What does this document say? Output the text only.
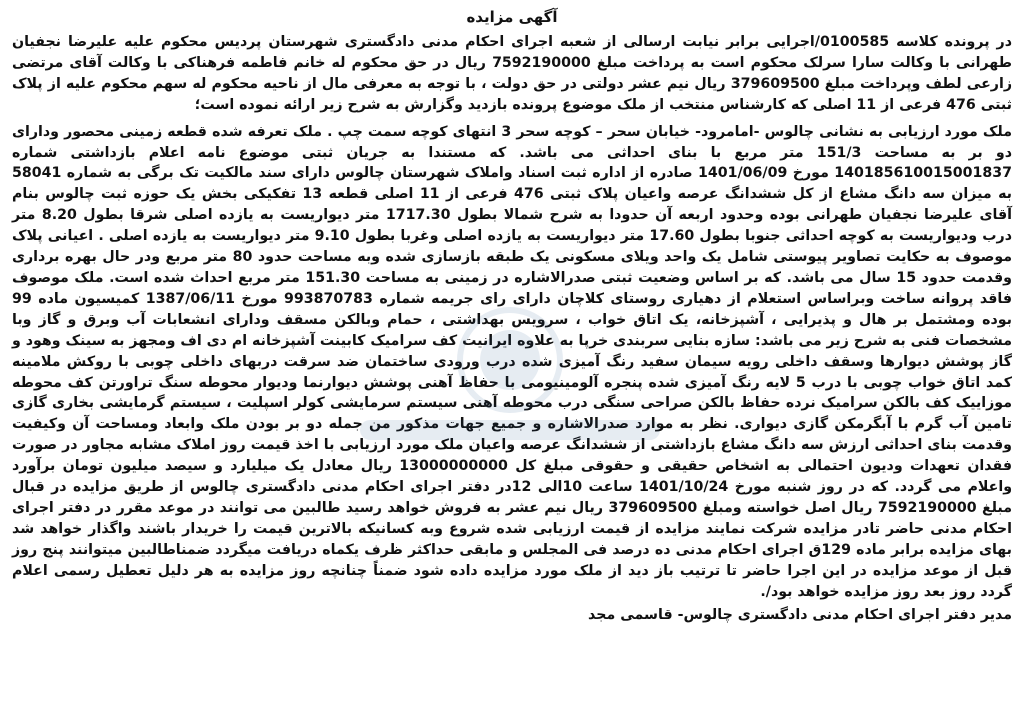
آگهی مزایده

در پرونده کلاسه 0100585/اجرایی برابر نیابت ارسالی از شعبه اجرای احکام مدنی دادگستری شهرستان پردیس محکوم علیه علیرضا نجفیان طهرانی با وکالت سارا سرلک محکوم است به پرداخت مبلغ 7592190000 ریال در حق محکوم له خانم فاطمه فرهناکی با وکالت آقای مرتضی زارعی لطف وپرداخت مبلغ 379609500 ریال نیم عشر دولتی در حق دولت ، با توجه به معرفی مال از ناحیه محکوم له سهم محکوم علیه از پلاک ثبتی 476 فرعی از 11 اصلی که کارشناس منتخب از ملک موضوع پرونده بازدید وگزارش به شرح زیر ارائه نموده است؛

ملک مورد ارزیابی به نشانی چالوس -امامرود- خیابان سحر – کوچه سحر 3 انتهای کوچه سمت چپ . ملک تعرفه شده قطعه زمینی محصور ودارای دو بر به مساحت 151/3 متر مربع با بنای احداثی می باشد. که مستندا به جریان ثبتی موضوع نامه اعلام بازداشتی شماره 140185610015001837 مورخ 1401/06/09 صادره از اداره ثبت اسناد واملاک شهرستان چالوس دارای سند مالکیت تک برگی به شماره 58041 به میزان سه دانگ مشاع از کل ششدانگ عرصه واعیان پلاک ثبتی 476 فرعی از 11 اصلی قطعه 13 تفکیکی بخش یک حوزه ثبت چالوس بنام آقای علیرضا نجفیان طهرانی بوده وحدود اربعه آن حدودا به شرح شمالا بطول 1717.30 متر دیواریست به یازده اصلی شرقا بطول 8.20 متر درب ودیواریست به کوچه احداثی جنوبا بطول 17.60 متر دیواریست به یازده اصلی وغربا بطول 9.10 متر دیواریست به یازده اصلی . اعیانی پلاک موصوف به حکایت تصاویر پیوستی شامل یک واحد ویلای مسکونی یک طبقه بازسازی شده وبه مساحت حدود 80 متر مربع ودر حال بهره برداری وقدمت حدود 15 سال می باشد. که بر اساس وضعیت ثبتی صدرالاشاره در زمینی به مساحت 151.30 متر مربع احداث شده است. ملک موصوف فاقد پروانه ساخت وبراساس استعلام از دهیاری روستای کلاچان دارای رای جریمه شماره 993870783 مورخ 1387/06/11 کمیسیون ماده 99 بوده ومشتمل بر هال و پذیرایی ، آشپزخانه، یک اتاق خواب ، سرویس بهداشتی ، حمام وبالکن مسقف ودارای انشعابات آب وبرق و گاز وبا مشخصات فنی به شرح زیر می باشد: سازه بنایی سربندی خرپا به علاوه ایرانیت کف سرامیک کابینت آشپزخانه ام دی اف ومجهز به سینک وهود و گاز پوشش دیوارها وسقف داخلی رویه سیمان سفید رنگ آمیزی شده درب ورودی ساختمان ضد سرقت دربهای داخلی چوبی با روکش ملامینه کمد اتاق خواب چوبی با درب 5 لایه رنگ آمیزی شده پنجره آلومینیومی با حفاظ آهنی پوشش دیوارنما ودیوار محوطه سنگ تراورتن کف محوطه موزاییک کف بالکن سرامیک نرده حفاظ بالکن صراحی سنگی درب محوطه آهنی سیستم سرمایشی کولر اسپلیت ، سیستم گرمایشی بخاری گازی تامین آب گرم با آبگرمکن گازی دیواری. نظر به موارد صدرالاشاره و جمیع جهات مذکور من جمله دو بر بودن ملک وابعاد ومساحت آن وکیفیت وقدمت بنای احداثی ارزش سه دانگ مشاع بازداشتی از ششدانگ عرصه واعیان ملک مورد ارزیابی با اخذ قیمت روز املاک مشابه مجاور در صورت فقدان تعهدات ودیون احتمالی به اشخاص حقیقی و حقوقی مبلغ کل 13000000000 ریال معادل یک میلیارد و سیصد میلیون تومان برآورد واعلام می گردد. که در روز شنبه مورخ 1401/10/24 ساعت 10الی 12در دفتر اجرای احکام مدنی دادگستری چالوس از طریق مزایده در قبال مبلغ 7592190000 ریال اصل خواسته ومبلغ 379609500 ریال نیم عشر به فروش خواهد رسید طالبین می توانند در موعد مقرر در دفتر اجرای احکام مدنی حاضر تادر مزایده شرکت نمایند مزایده از قیمت ارزیابی شده شروع وبه کسانیکه بالاترین قیمت را خریدار باشند واگذار خواهد شد بهای مزایده برابر ماده 129ق اجرای احکام مدنی ده درصد فی المجلس و مابقی حداکثر ظرف یکماه دریافت میگردد ضمناطالبین میتوانند پنج روز قبل از موعد مزایده در این اجرا حاضر تا ترتیب باز دید از ملک مورد مزایده داده شود ضمناً چنانچه روز مزایده به هر دلیل تعطیل رسمی اعلام گردد روز بعد روز مزایده خواهد بود/.

مدیر دفتر اجرای احکام مدنی دادگستری چالوس- قاسمی مجد
